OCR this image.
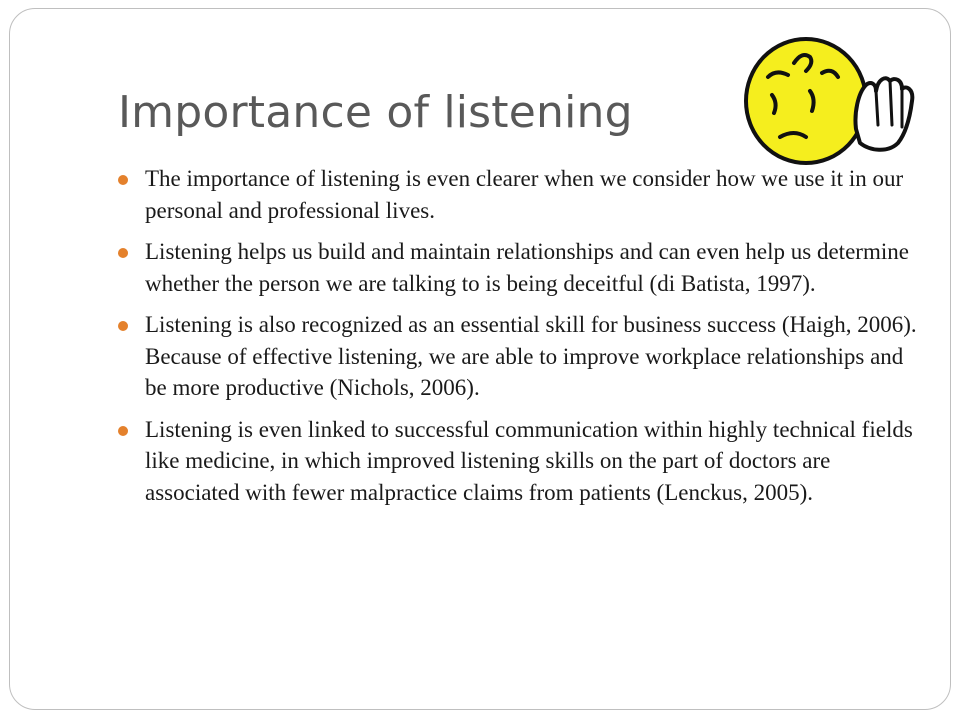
Importance of listening
The importance of listening is even clearer when we consider how we use it in our personal and professional lives.
Listening helps us build and maintain relationships and can even help us determine whether the person we are talking to is being deceitful (di Batista, 1997).
Listening is also recognized as an essential skill for business success (Haigh, 2006). Because of effective listening, we are able to improve workplace relationships and be more productive (Nichols, 2006).
Listening is even linked to successful communication within highly technical fields like medicine, in which improved listening skills on the part of doctors are associated with fewer malpractice claims from patients (Lenckus, 2005).
